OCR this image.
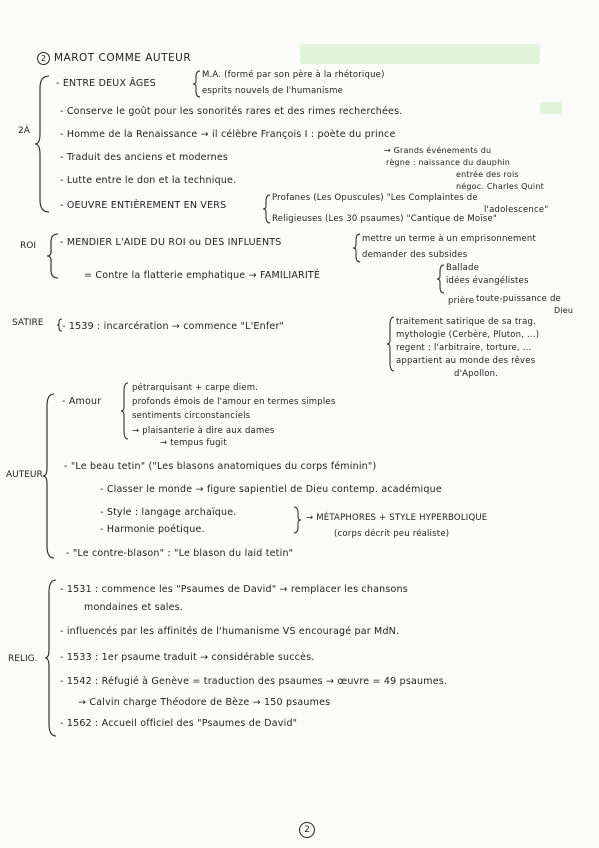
2 MAROT COMME AUTEUR
2À
ROI
SATIRE
AUTEUR
RELIG.
- ENTRE DEUX ÂGES
M.A. (formé par son père à la rhétorique)
esprits nouvels de l'humanisme
- Conserve le goût pour les sonorités rares et des rimes recherchées.
- Homme de la Renaissance → il célèbre François I : poète du prince
→ Grands événements du
règne : naissance du dauphin
entrée des rois
négoc. Charles Quint
- Traduit des anciens et modernes
- Lutte entre le don et la technique.
- OEUVRE ENTIÈREMENT EN VERS
Profanes (Les Opuscules) "Les Complaintes de
l'adolescence"
Religieuses (Les 30 psaumes) "Cantique de Moïse"
- MENDIER L'AIDE DU ROI ou DES INFLUENTS	mettre un terme à un emprisonnement
demander des subsides
= Contre la flatterie emphatique → FAMILIARITÉ
Ballade
idées évangélistes
prière toute-puissance de
Dieu
- 1539 : incarcération → commence "L'Enfer"	traitement satirique de sa trag.
mythologie (Cerbère, Pluton, ...)
regent : l'arbitraire, torture, ...
appartient au monde des rêves
d'Apollon.
- Amour
pétrarquisant + carpe diem.
profonds émois de l'amour en termes simples
sentiments circonstanciels
→ plaisanterie à dire aux dames
→ tempus fugit
- "Le beau tetin" ("Les blasons anatomiques du corps féminin")
- Classer le monde → figure sapientiel de Dieu contemp. académique
- Style : langage archaïque.
- Harmonie poétique.
→ MÉTAPHORES + STYLE HYPERBOLIQUE
(corps décrit peu réaliste)
- "Le contre-blason" : "Le blason du laid tetin"
- 1531 : commence les "Psaumes de David" → remplacer les chansons
mondaines et sales.
- influencés par les affinités de l'humanisme VS encouragé par MdN.
- 1533 : 1er psaume traduit → considérable succès.
- 1542 : Réfugié à Genève = traduction des psaumes → œuvre = 49 psaumes.
→ Calvin charge Théodore de Bèze → 150 psaumes
- 1562 : Accueil officiel des "Psaumes de David"
2
